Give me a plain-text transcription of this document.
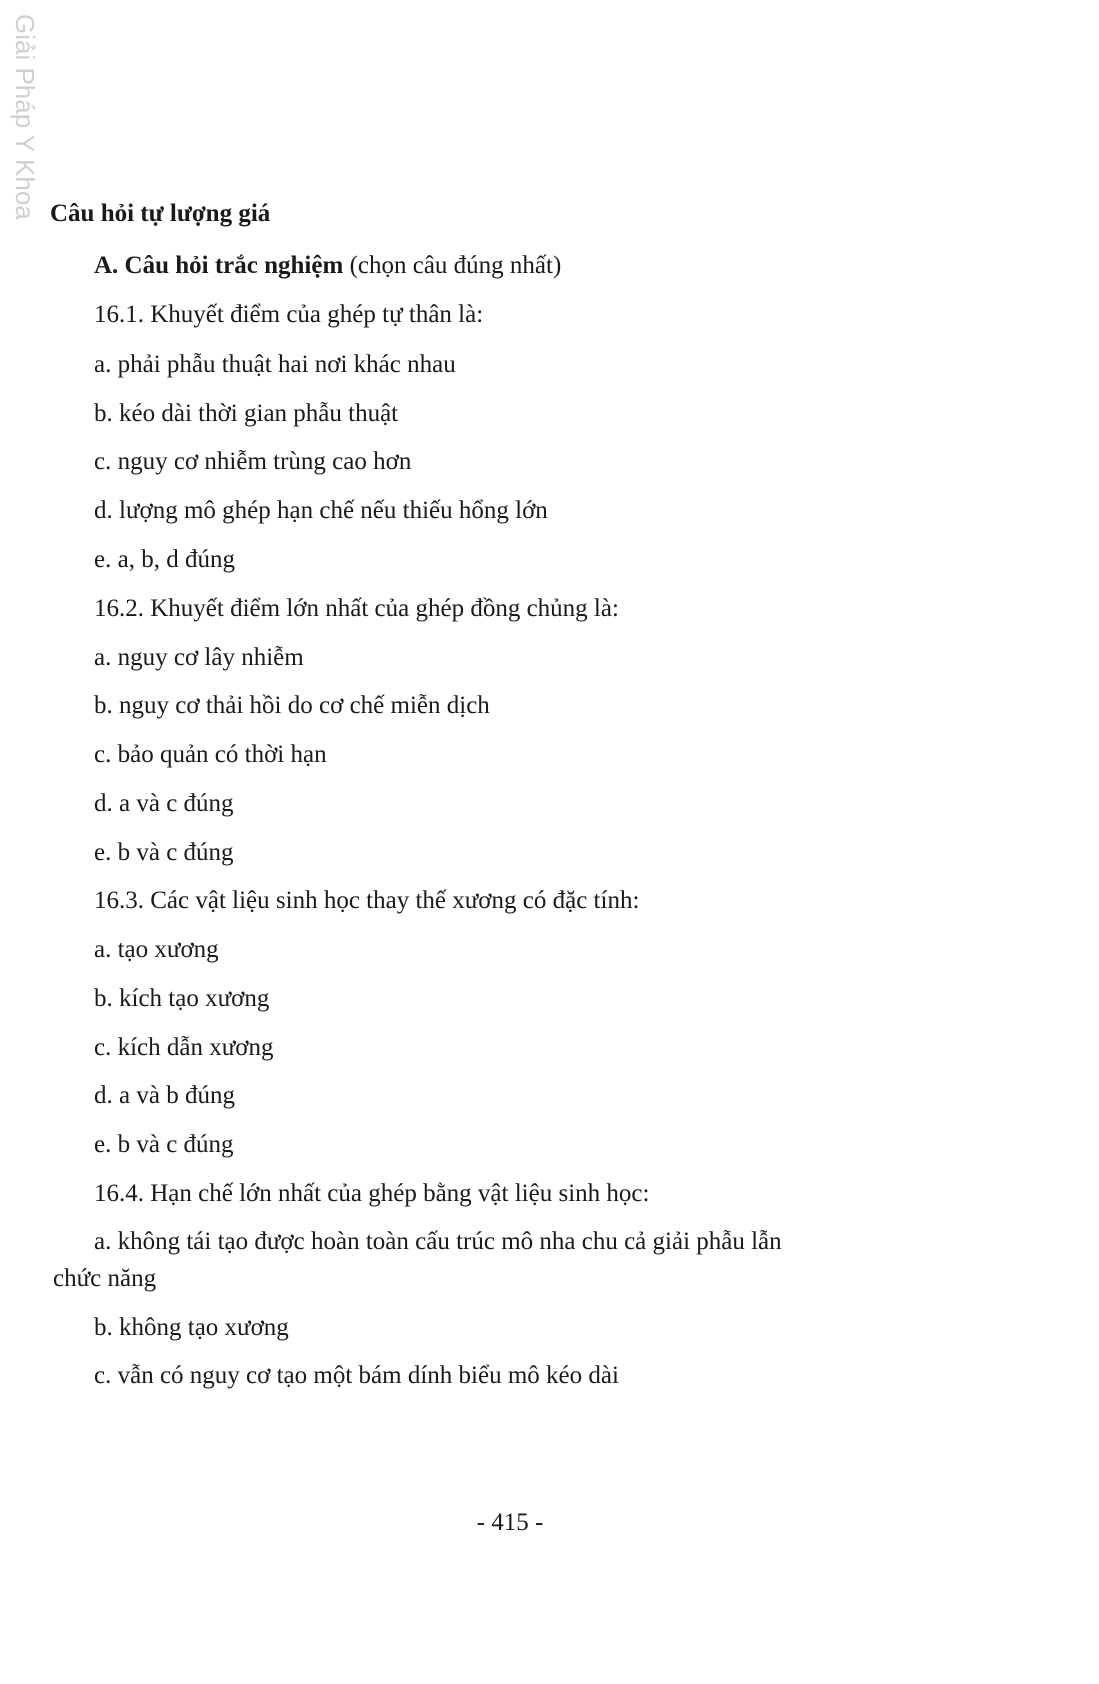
Giải Pháp Y Khoa Câu hỏi tự lượng giá
A. Câu hỏi trắc nghiệm (chọn câu đúng nhất)
16.1. Khuyết điểm của ghép tự thân là:
a. phải phẫu thuật hai nơi khác nhau
b. kéo dài thời gian phẫu thuật
c. nguy cơ nhiễm trùng cao hơn
d. lượng mô ghép hạn chế nếu thiếu hổng lớn
e. a, b, d đúng
16.2. Khuyết điểm lớn nhất của ghép đồng chủng là:
a. nguy cơ lây nhiễm
b. nguy cơ thải hồi do cơ chế miễn dịch
c. bảo quản có thời hạn
d. a và c đúng
e. b và c đúng
16.3. Các vật liệu sinh học thay thế xương có đặc tính:
a. tạo xương
b. kích tạo xương
c. kích dẫn xương
d. a và b đúng
e. b và c đúng
16.4. Hạn chế lớn nhất của ghép bằng vật liệu sinh học:
a. không tái tạo được hoàn toàn cấu trúc mô nha chu cả giải phẫu lẫn
chức năng
b. không tạo xương
c. vẫn có nguy cơ tạo một bám dính biểu mô kéo dài
- 415 -
